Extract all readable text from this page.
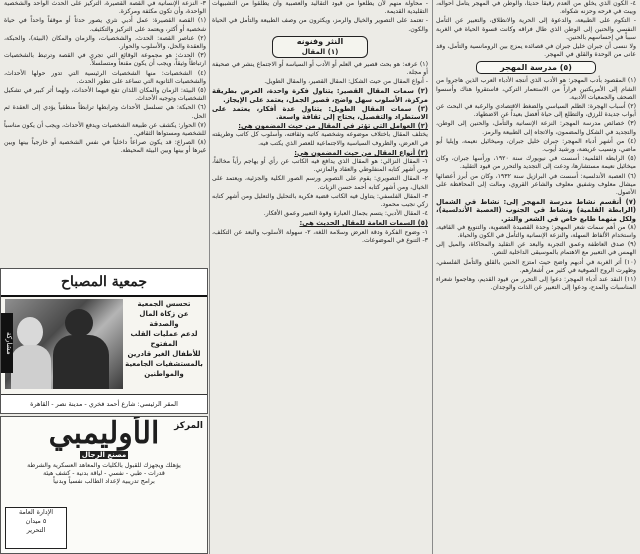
٤- الكون الذي يخلق من العدم رقيقاً حديثاً، والوطن في المهجر يتأمل أحواله، ويبث في فرحه وحزنه شكواه.

- التكوم على الطبيعة، والدعوة إلى الحرية والانطلاق، والتعبير عن التأمل النفسي والحنين إلى الوطن الذي طال فراقه وكانت قسوة الحياة في الغربة سبباً في إحساسهم بالحنين.

ولا ننسى أن جبران خليل جبران في قصائده يمزج بين الرومانسية والتأمل، وقد عانى من الوحدة والقلق في المهجر.

(٥) مدرسة المهجر

(١) المقصود بأدب المهجر: هو الأدب الذي أنتجه الأدباء العرب الذين هاجروا من الشام إلى الأمريكتين فراراً من الاستعمار التركي، فاستقروا هناك وأسسوا الصحف والجمعيات الأدبية.

(٢) أسباب الهجرة: الظلم السياسي والضغط الاقتصادي والرغبة في البحث عن أبواب جديدة للرزق، والتطلع إلى حياة أفضل بعيداً عن الاضطهاد.

(٣) خصائص مدرسة المهجر: النزعة الإنسانية والتأمل، والحنين إلى الوطن، والتجديد في الشكل والمضمون، والاتجاه إلى الطبيعة والرمز.

(٤) من أشهر أدباء المهجر: جبران خليل جبران، وميخائيل نعيمة، وإيليا أبو ماضي، ونسيب عريضة، ورشيد أيوب.

(٥) الرابطة القلمية: أسست في نيويورك سنة ١٩٢٠، ورأسها جبران، وكان ميخائيل نعيمة مستشارها، ودعت إلى التجديد والتحرر من قيود التقليد.

(٦) العصبة الأندلسية: أسست في البرازيل سنة ١٩٣٢، وكان من أبرز أعضائها ميشال معلوف وشفيق معلوف والشاعر القروي، ومالت إلى المحافظة على الأصول.

(٧) أنقسم نشاط مدرسة المهجر إلى: نشاط في الشمال (الرابطة القلمية) ونشاط في الجنوب (العصبة الأندلسية)، ولكل منهما طابع خاص في الشعر والنثر.

(٨) من أهم سمات شعر المهجر: وحدة القصيدة العضوية، والتنويع في القافية، واستخدام الألفاظ السهلة، والنزعة الإنسانية والتأمل في الكون والحياة.

(٩) صدق العاطفة وعمق التجربة والبعد عن التقليد والمحاكاة، والميل إلى الهمس في التعبير مع الاهتمام بالموسيقى الداخلية للنص.

(١٠) أثر الغربة في أدبهم واضح حيث امتزج الحنين بالقلق والتأمل الفلسفي، وظهرت الروح الصوفية في كثير من أشعارهم.

(١١) النقد عند أدباء المهجر: دعوا إلى التحرر من قيود القديم، وهاجموا شعراء المناسبات والمدح، ودعوا إلى التعبير عن الذات والوجدان.

- محاولة منهم لأن يطلعوا من قيود التقاليد والعصبية وأن يطلقوا من التشبيهات التقليدية القديمة.

- تعتمد على التصوير والخيال والرمز، ويكثرون من وصف الطبيعة والتأمل في الحياة والكون.

النثر وفنونه
(١) المقال

(١) عرفه: هو بحث قصير في العلم أو الأدب أو السياسة أو الاجتماع ينشر في صحيفة أو مجلة.

- أنواع المقال من حيث الشكل: المقال القصير، والمقال الطويل.

(٢) سمات المقال القصير: يتناول فكرة واحدة، العرض بطريقة مركزة، الأسلوب سهل واضح، قصير الجمل، يعتمد على الإيجاز.

(٣) سمات المقال الطويل: يتناول عدة أفكار، يعتمد على الاستطراد والتفصيل، يحتاج إلى ثقافة واسعة.

(٢) العوامل التي تؤثر في المقال من حيث المضمون هي:

يختلف المقال باختلاف موضوعه وشخصية كاتبه وثقافته، وأسلوب كل كاتب وطريقته في العرض، والظروف السياسية والاجتماعية للعصر الذي يكتب فيه.

(٣) أنواع المقال من حيث المضمون هي:

١- المقال النزالي: هو المقال الذي يدافع فيه الكاتب عن رأي أو يهاجم رأياً مخالفاً، ومن أشهر كتابه المنفلوطي والعقاد والمازني.

٢- المقال التصويري: يقوم على التصوير ورسم الصور الكلية والجزئية، ويعتمد على الخيال، ومن أشهر كتابه أحمد حسن الزيات.

٣- المقال الفلسفي: يتناول فيه الكاتب قضية فكرية بالتحليل والتعليل ومن أشهر كتابه زكي نجيب محمود.

٤- المقال الأدبي: يتسم بجمال العبارة وقوة التعبير وعمق الأفكار.

(٥) السمات العامة للمقال الحديث هي:

١- وضوح الفكرة ودقة العرض وسلامة اللغة، ٢- سهولة الأسلوب والبعد عن التكلف، ٣- التنوع في الموضوعات.

٣- النزعة الإنسانية في القصة القصيرة، التركيز على الحدث الواحد والشخصية الواحدة، وأن تكون مكثفة ومركزة.

(١) القصة القصيرة: عمل أدبي نثري يصور حدثاً أو موقفاً واحداً في حياة شخصية أو أكثر، ويعتمد على التركيز والتكثيف.

(٢) عناصر القصة: الحدث، والشخصيات، والزمان والمكان (البيئة)، والحبكة، والعقدة والحل، والأسلوب والحوار.

(٣) الحدث: هو مجموعة الوقائع التي تجري في القصة وترتبط بالشخصيات ارتباطاً وثيقاً، ويجب أن يكون مقنعاً ومتسلسلاً.

(٤) الشخصيات: منها الشخصيات الرئيسية التي تدور حولها الأحداث، والشخصيات الثانوية التي تساعد على تطور الحدث.

(٥) البيئة: الزمان والمكان اللذان تقع فيهما الأحداث، ولهما أثر كبير في تشكيل الشخصيات وتوجيه الأحداث.

(٦) الحبكة: هي تسلسل الأحداث وترابطها ترابطاً منطقياً يؤدي إلى العقدة ثم الحل.

(٧) الحوار: يكشف عن طبيعة الشخصيات ويدفع الأحداث، ويجب أن يكون مناسباً للشخصية ومستواها الثقافي.

(٨) الصراع: قد يكون صراعاً داخلياً في نفس الشخصية أو خارجياً بينها وبين غيرها أو بينها وبين البيئة المحيطة.

جمعية المصباح
مشاركة
تحسس الجمعية
عن زكاة المال والصدقة
لدعم عمليات القلب المفتوح
للأطفال الغير قادرين
بالمستشفيات الجامعية
والمواطنين
المقر الرئيسي: شارع أحمد فخري - مدينة نصر - القاهرة
المركز
الأوليمبي
مصنع الرجال
يؤهلك ويجهزك للقبول بالكليات والمعاهد العسكرية والشرطة
قدرات - طبي - نفسي - لياقة بدنية - كشف هيئة
برامج تدريبية لإعداد الطالب نفسياً وبدنياً
الإدارة العامة
٥ ميدان
التحرير
